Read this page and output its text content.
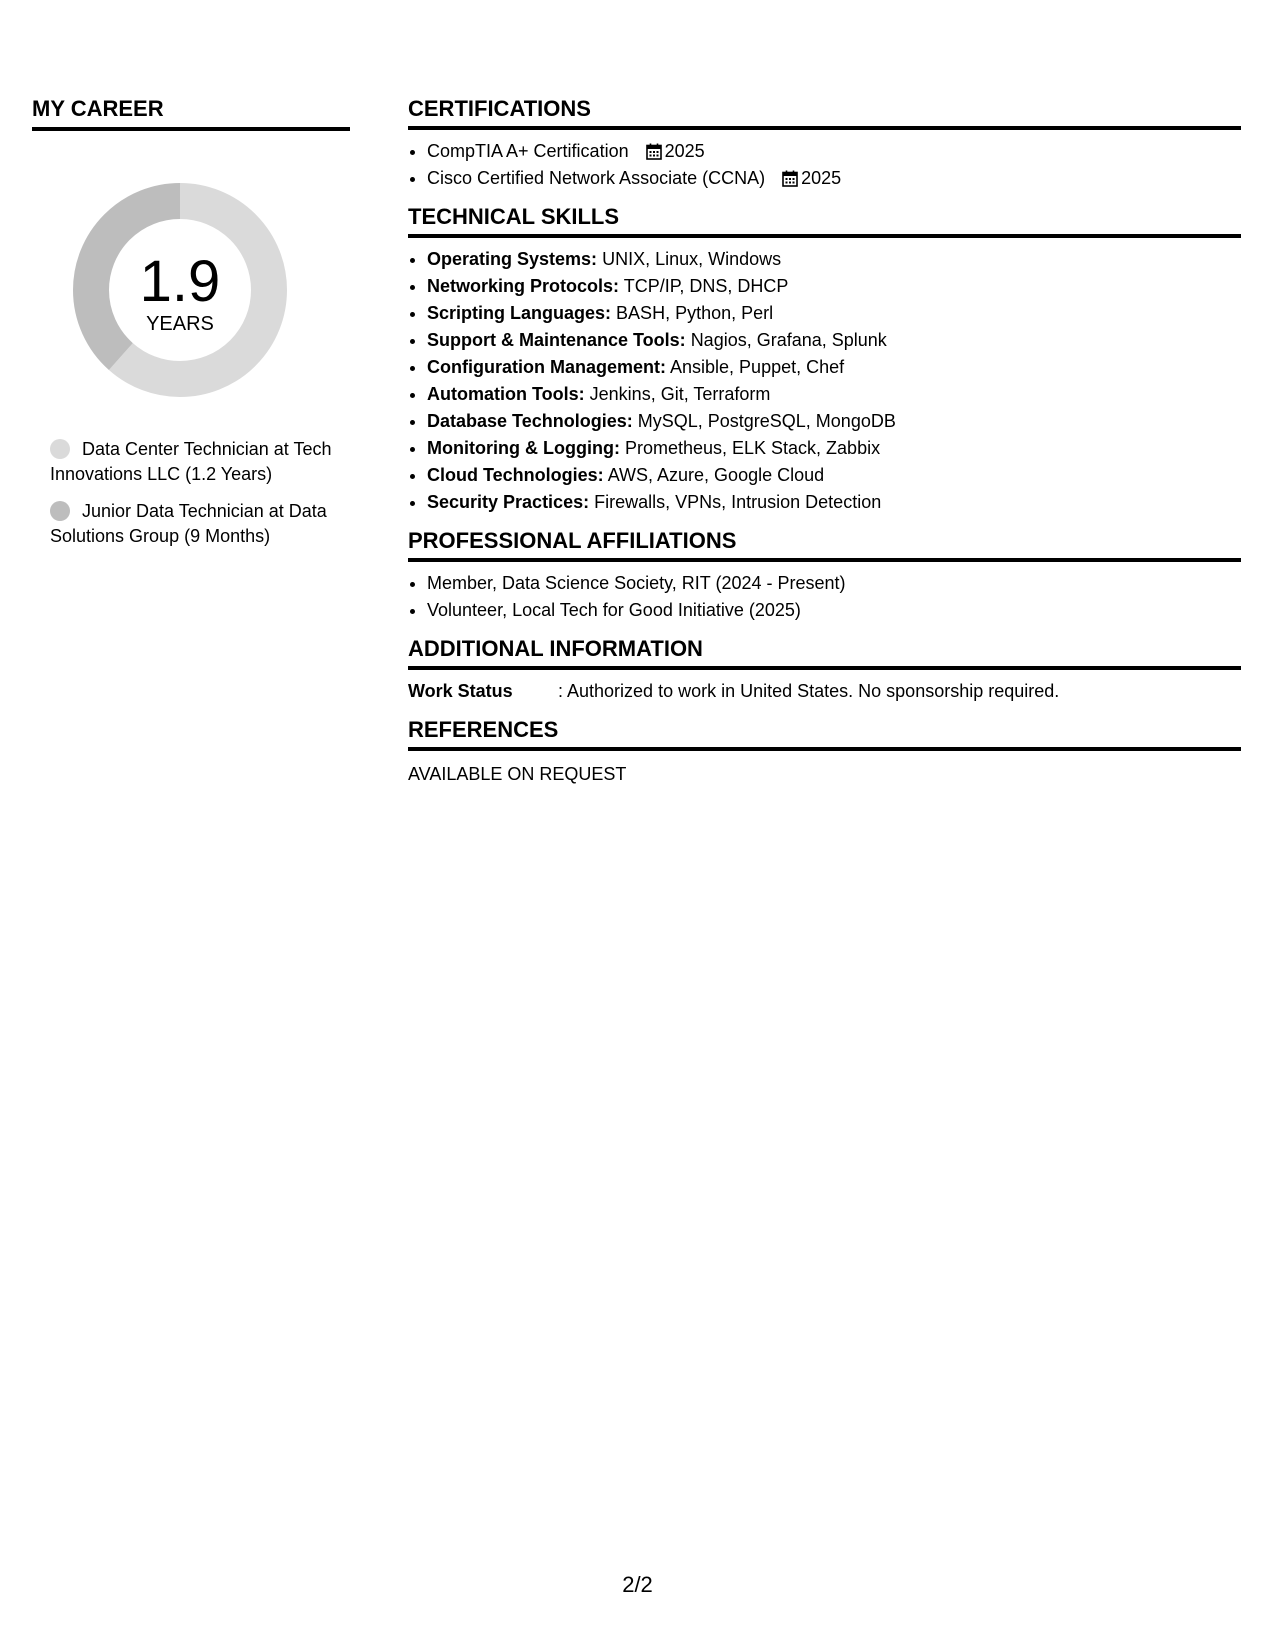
MY CAREER
1.9
YEARS
Data Center Technician at Tech Innovations LLC (1.2 Years)
Junior Data Technician at Data Solutions Group (9 Months)
CERTIFICATIONS
• CompTIA A+ Certification 2025
• Cisco Certified Network Associate (CCNA) 2025
TECHNICAL SKILLS
• Operating Systems: UNIX, Linux, Windows
• Networking Protocols: TCP/IP, DNS, DHCP
• Scripting Languages: BASH, Python, Perl
• Support & Maintenance Tools: Nagios, Grafana, Splunk
• Configuration Management: Ansible, Puppet, Chef
• Automation Tools: Jenkins, Git, Terraform
• Database Technologies: MySQL, PostgreSQL, MongoDB
• Monitoring & Logging: Prometheus, ELK Stack, Zabbix
• Cloud Technologies: AWS, Azure, Google Cloud
• Security Practices: Firewalls, VPNs, Intrusion Detection
PROFESSIONAL AFFILIATIONS
• Member, Data Science Society, RIT (2024 - Present)
• Volunteer, Local Tech for Good Initiative (2025)
ADDITIONAL INFORMATION
Work Status	: Authorized to work in United States. No sponsorship required.
REFERENCES

AVAILABLE ON REQUEST

2/2
